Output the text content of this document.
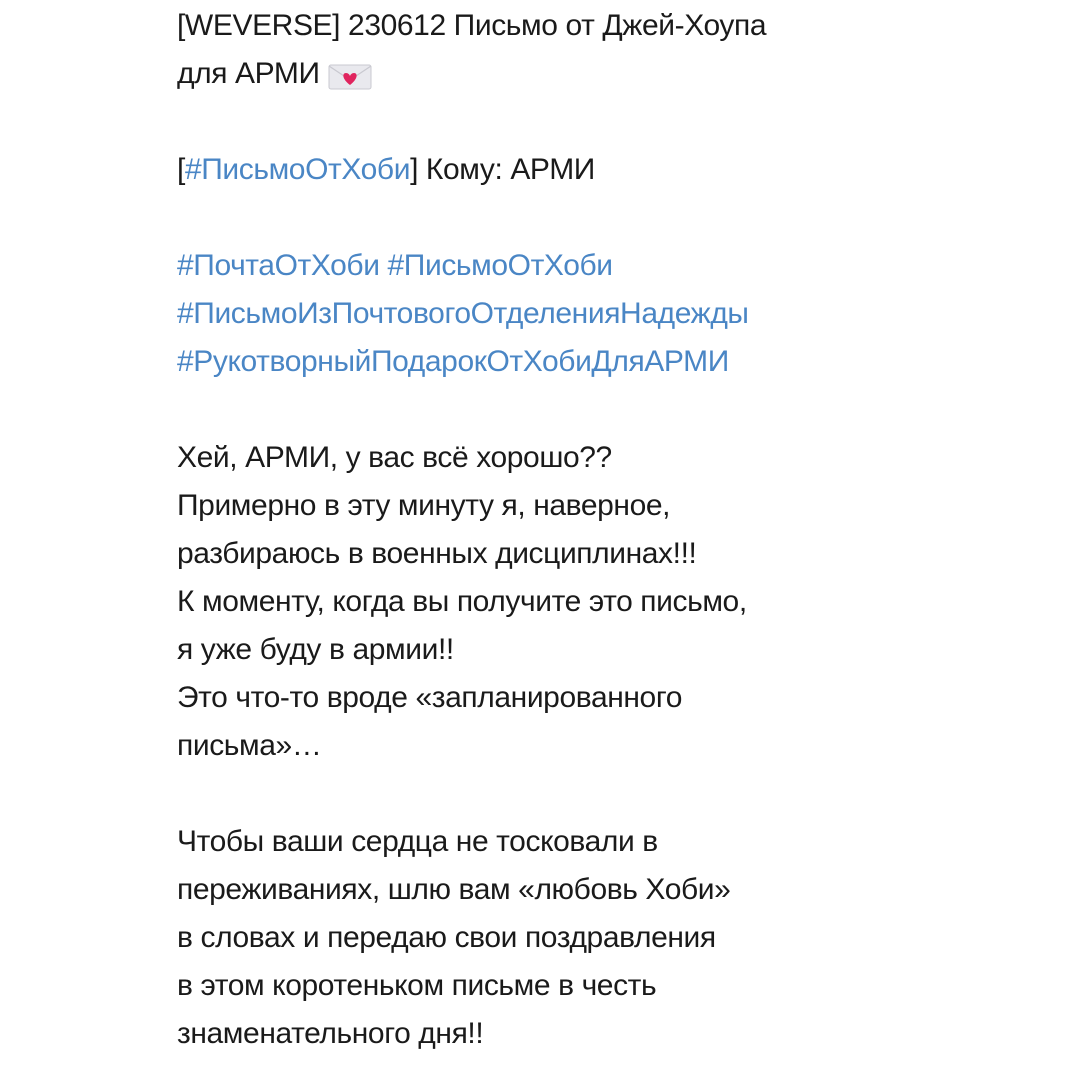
[WEVERSE] 230612 Письмо от Джей-Хоупа
для АРМИ
[#ПисьмоОтХоби] Кому: АРМИ
#ПочтаОтХоби #ПисьмоОтХоби
#ПисьмоИзПочтовогоОтделенияНадежды
#РукотворныйПодарокОтХобиДляАРМИ
Хей, АРМИ, у вас всё хорошо??
Примерно в эту минуту я, наверное,
разбираюсь в военных дисциплинах!!!
К моменту, когда вы получите это письмо,
я уже буду в армии!!
Это что-то вроде «запланированного
письма»…
Чтобы ваши сердца не тосковали в
переживаниях, шлю вам «любовь Хоби»
в словах и передаю свои поздравления
в этом коротеньком письме в честь
знаменательного дня!!
